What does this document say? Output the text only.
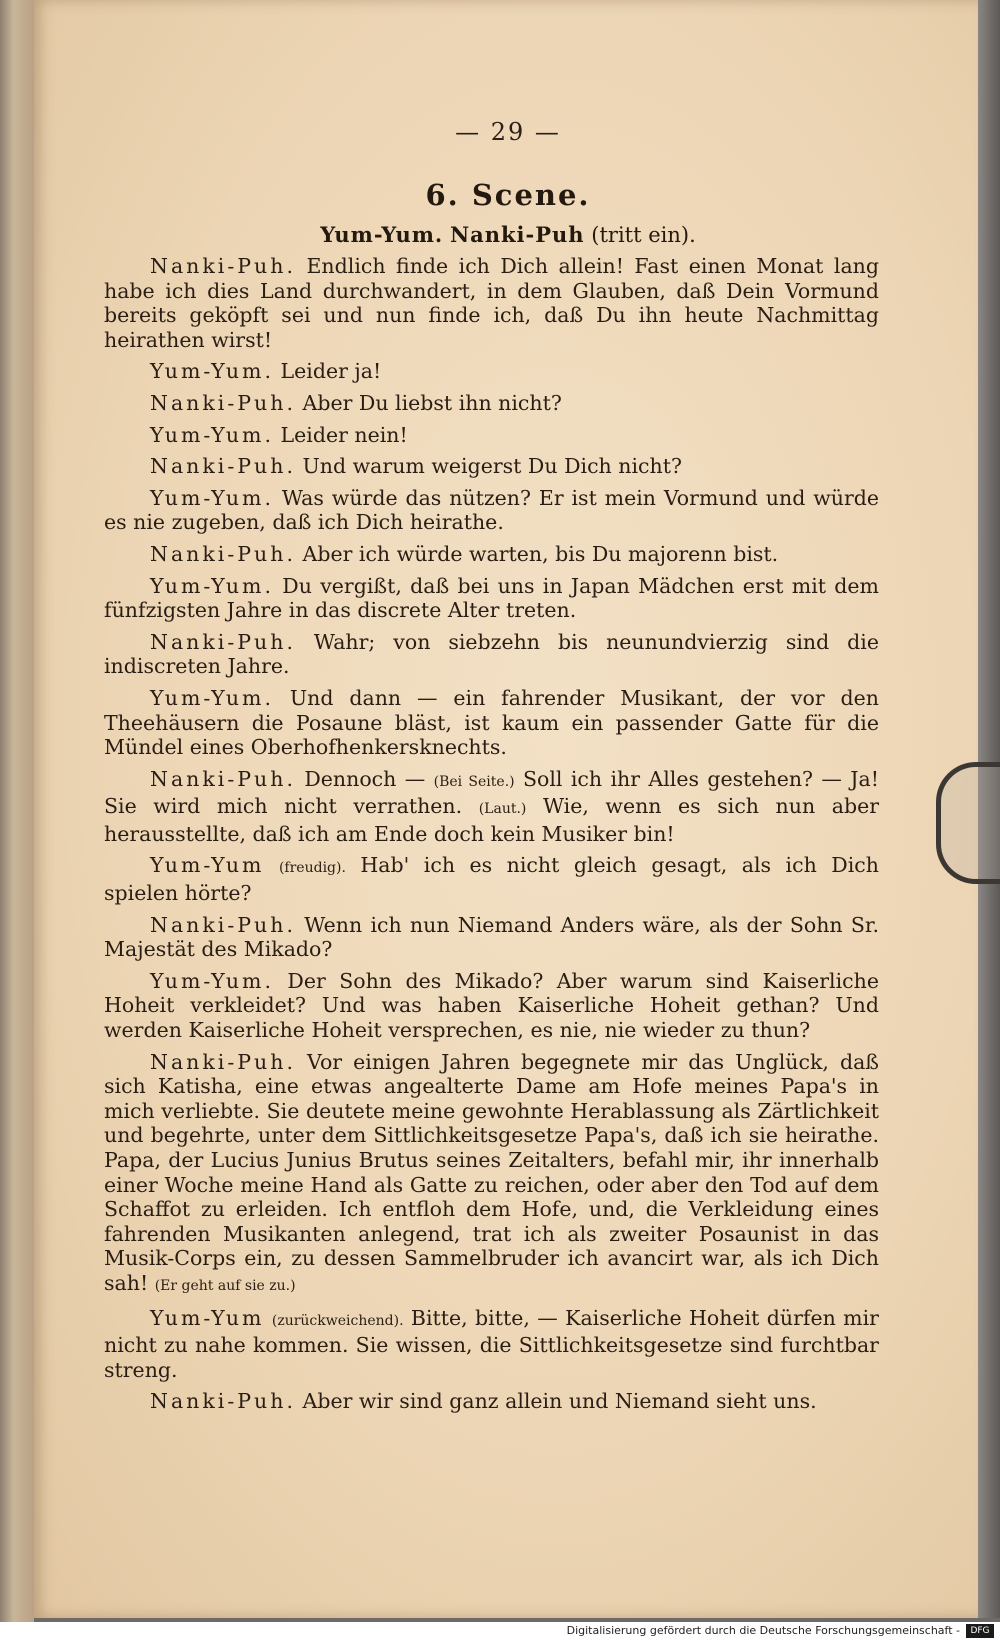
— 29 —
6. Scene.
Yum-Yum. Nanki-Puh (tritt ein).

Nanki-Puh. Endlich finde ich Dich allein! Fast einen Monat lang habe ich dies Land durchwandert, in dem Glauben, daß Dein Vormund bereits geköpft sei und nun finde ich, daß Du ihn heute Nachmittag heirathen wirst!

Yum-Yum. Leider ja!

Nanki-Puh. Aber Du liebst ihn nicht?

Yum-Yum. Leider nein!

Nanki-Puh. Und warum weigerst Du Dich nicht?

Yum-Yum. Was würde das nützen? Er ist mein Vormund und würde es nie zugeben, daß ich Dich heirathe.

Nanki-Puh. Aber ich würde warten, bis Du majorenn bist.

Yum-Yum. Du vergißt, daß bei uns in Japan Mädchen erst mit dem fünfzigsten Jahre in das discrete Alter treten.

Nanki-Puh. Wahr; von siebzehn bis neunundvierzig sind die indiscreten Jahre.

Yum-Yum. Und dann — ein fahrender Musikant, der vor den Theehäusern die Posaune bläst, ist kaum ein passender Gatte für die Mündel eines Oberhofhenkersknechts.

Nanki-Puh. Dennoch — (Bei Seite.) Soll ich ihr Alles gestehen? — Ja! Sie wird mich nicht verrathen. (Laut.) Wie, wenn es sich nun aber herausstellte, daß ich am Ende doch kein Musiker bin!

Yum-Yum (freudig). Hab' ich es nicht gleich gesagt, als ich Dich spielen hörte?

Nanki-Puh. Wenn ich nun Niemand Anders wäre, als der Sohn Sr. Majestät des Mikado?

Yum-Yum. Der Sohn des Mikado? Aber warum sind Kaiserliche Hoheit verkleidet? Und was haben Kaiserliche Hoheit gethan? Und werden Kaiserliche Hoheit versprechen, es nie, nie wieder zu thun?

Nanki-Puh. Vor einigen Jahren begegnete mir das Unglück, daß sich Katisha, eine etwas angealterte Dame am Hofe meines Papa's in mich verliebte. Sie deutete meine gewohnte Herablassung als Zärtlichkeit und begehrte, unter dem Sittlichkeitsgesetze Papa's, daß ich sie heirathe. Papa, der Lucius Junius Brutus seines Zeitalters, befahl mir, ihr innerhalb einer Woche meine Hand als Gatte zu reichen, oder aber den Tod auf dem Schaffot zu erleiden. Ich entfloh dem Hofe, und, die Verkleidung eines fahrenden Musikanten anlegend, trat ich als zweiter Posaunist in das Musik-Corps ein, zu dessen Sammelbruder ich avancirt war, als ich Dich sah! (Er geht auf sie zu.)

Yum-Yum (zurückweichend). Bitte, bitte, — Kaiserliche Hoheit dürfen mir nicht zu nahe kommen. Sie wissen, die Sittlichkeitsgesetze sind furchtbar streng.

Nanki-Puh. Aber wir sind ganz allein und Niemand sieht uns.

Digitalisierung gefördert durch die Deutsche Forschungsgemeinschaft -	DFG
